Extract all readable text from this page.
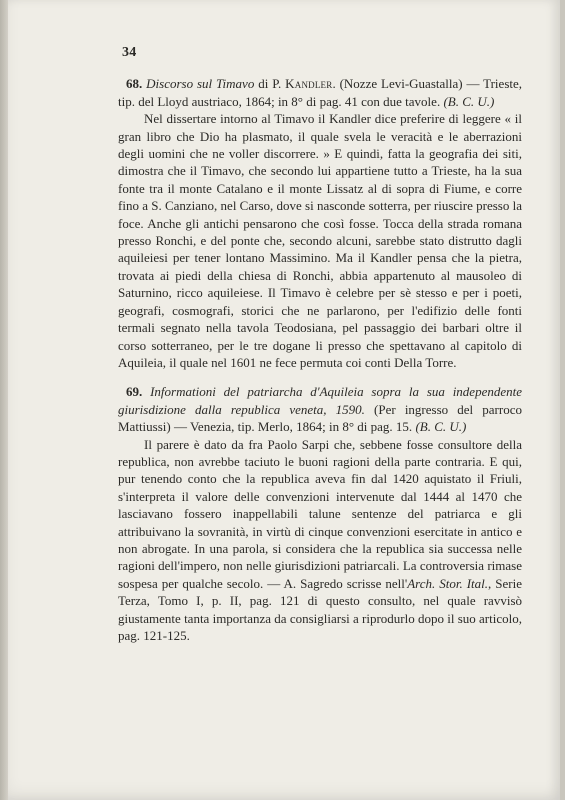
34

68. Discorso sul Timavo di P. Kandler. (Nozze Levi-Guastalla) — Trieste, tip. del Lloyd austriaco, 1864; in 8° di pag. 41 con due tavole. (B. C. U.)

Nel dissertare intorno al Timavo il Kandler dice preferire di leggere « il gran libro che Dio ha plasmato, il quale svela le veracità e le aberrazioni degli uomini che ne voller discorrere. » E quindi, fatta la geografia dei siti, dimostra che il Timavo, che secondo lui appartiene tutto a Trieste, ha la sua fonte tra il monte Catalano e il monte Lissatz al di sopra di Fiume, e corre fino a S. Canziano, nel Carso, dove si nasconde sotterra, per riuscire presso la foce. Anche gli antichi pensarono che così fosse. Tocca della strada romana presso Ronchi, e del ponte che, secondo alcuni, sarebbe stato distrutto dagli aquileiesi per tener lontano Massimino. Ma il Kandler pensa che la pietra, trovata ai piedi della chiesa di Ronchi, abbia appartenuto al mausoleo di Saturnino, ricco aquileiese. Il Timavo è celebre per sè stesso e per i poeti, geografi, cosmografi, storici che ne parlarono, per l'edifizio delle fonti termali segnato nella tavola Teodosiana, pel passaggio dei barbari oltre il corso sotterraneo, per le tre dogane li presso che spettavano al capitolo di Aquileia, il quale nel 1601 ne fece permuta coi conti Della Torre.

69. Informationi del patriarcha d'Aquileia sopra la sua independente giurisdizione dalla republica veneta, 1590. (Per ingresso del parroco Mattiussi) — Venezia, tip. Merlo, 1864; in 8° di pag. 15. (B. C. U.)

Il parere è dato da fra Paolo Sarpi che, sebbene fosse consultore della republica, non avrebbe taciuto le buoni ragioni della parte contraria. E qui, pur tenendo conto che la republica aveva fin dal 1420 aquistato il Friuli, s'interpreta il valore delle convenzioni intervenute dal 1444 al 1470 che lasciavano fossero inappellabili talune sentenze del patriarca e gli attribuivano la sovranità, in virtù di cinque convenzioni esercitate in antico e non abrogate. In una parola, si considera che la republica sia successa nelle ragioni dell'impero, non nelle giurisdizioni patriarcali. La controversia rimase sospesa per qualche secolo. — A. Sagredo scrisse nell'Arch. Stor. Ital., Serie Terza, Tomo I, p. II, pag. 121 di questo consulto, nel quale ravvisò giustamente tanta importanza da consigliarsi a riprodurlo dopo il suo articolo, pag. 121-125.
